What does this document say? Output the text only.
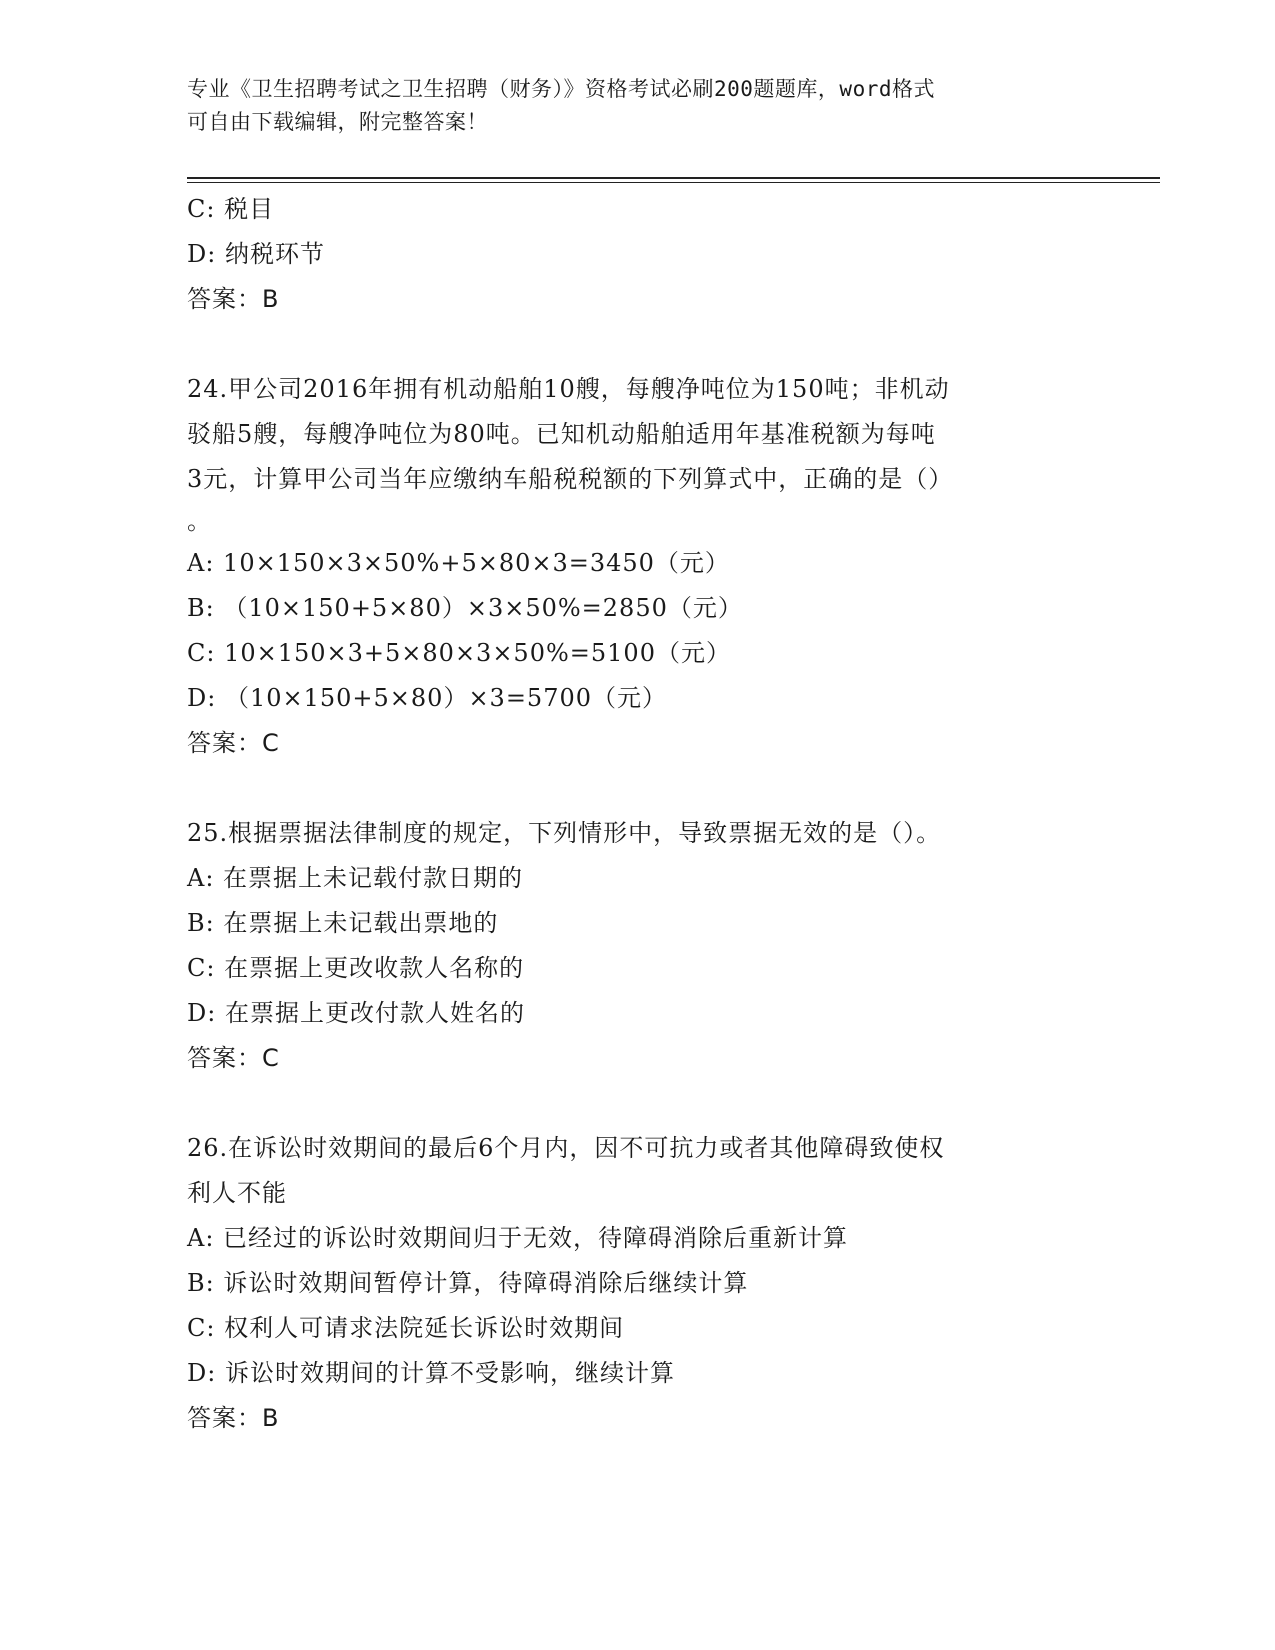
专业《卫生招聘考试之卫生招聘（财务）》资格考试必刷200题题库，word格式
可自由下载编辑，附完整答案！
C: 税目
D: 纳税环节
答案：B
24.甲公司2016年拥有机动船舶10艘，每艘净吨位为150吨；非机动
驳船5艘，每艘净吨位为80吨。已知机动船舶适用年基准税额为每吨
3元，计算甲公司当年应缴纳车船税税额的下列算式中，正确的是（）
。
A: 10×150×3×50%+5×80×3=3450（元）
B: （10×150+5×80）×3×50%=2850（元）
C: 10×150×3+5×80×3×50%=5100（元）
D: （10×150+5×80）×3=5700（元）
答案：C
25.根据票据法律制度的规定，下列情形中，导致票据无效的是（）。
A: 在票据上未记载付款日期的
B: 在票据上未记载出票地的
C: 在票据上更改收款人名称的
D: 在票据上更改付款人姓名的
答案：C
26.在诉讼时效期间的最后6个月内，因不可抗力或者其他障碍致使权
利人不能
A: 已经过的诉讼时效期间归于无效，待障碍消除后重新计算
B: 诉讼时效期间暂停计算，待障碍消除后继续计算
C: 权利人可请求法院延长诉讼时效期间
D: 诉讼时效期间的计算不受影响，继续计算
答案：B
